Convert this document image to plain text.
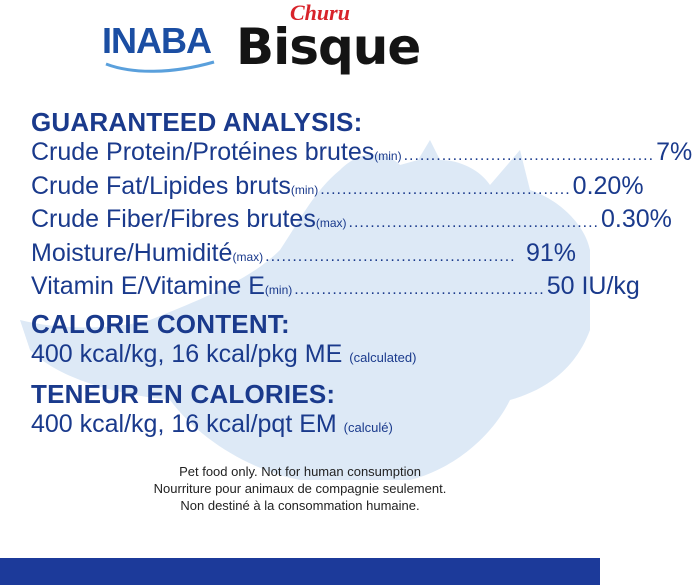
INABA
Churu
Bisque
GUARANTEED ANALYSIS:
Crude Protein/Protéines brutes (min) .............................................. 7%
Crude Fat/Lipides bruts (min) .............................................. 0.20%
Crude Fiber/Fibres brutes (max) .............................................. 0.30%
Moisture/Humidité (max) .............................................. 91%
Vitamin E/Vitamine E (min) .............................................. 50 IU/kg
CALORIE CONTENT:
400 kcal/kg, 16 kcal/pkg ME (calculated)
TENEUR EN CALORIES:
400 kcal/kg, 16 kcal/pqt EM (calculé)
Pet food only. Not for human consumption
Nourriture pour animaux de compagnie seulement.
Non destiné à la consommation humaine.
